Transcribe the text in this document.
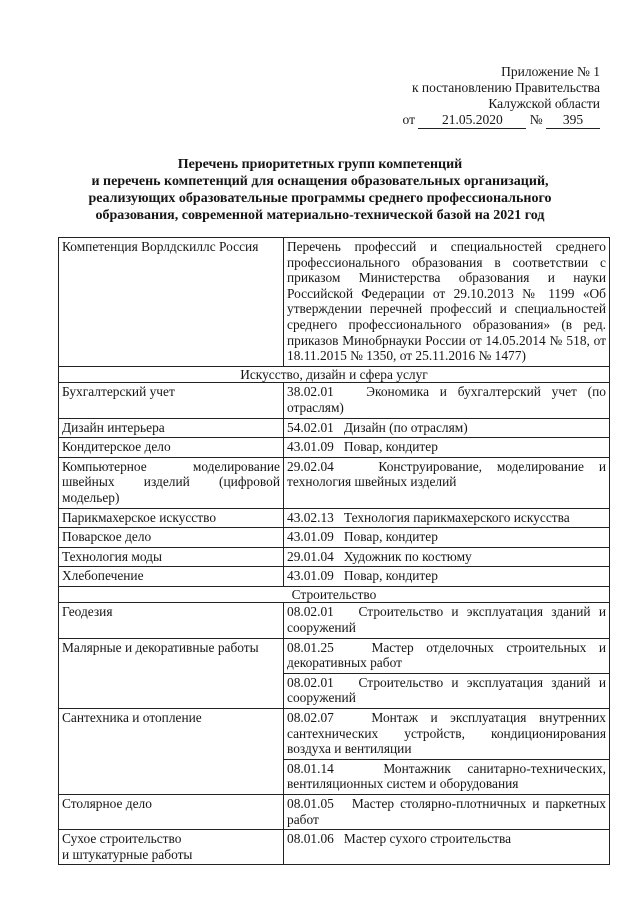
Приложение № 1
к постановлению Правительства
Калужской области
от 21.05.2020 № 395
Перечень приоритетных групп компетенций
и перечень компетенций для оснащения образовательных организаций,
реализующих образовательные программы среднего профессионального
образования, современной материально-технической базой на 2021 год
Компетенция Ворлдскиллс Россия	Перечень профессий и специальностей среднего профессионального образования в соответствии с приказом Министерства образования и науки Российской Федерации от 29.10.2013 № 1199 «Об утверждении перечней профессий и специальностей среднего профессионального образования» (в ред. приказов Минобрнауки России от 14.05.2014 № 518, от 18.11.2015 № 1350, от 25.11.2016 № 1477)
Искусство, дизайн и сфера услуг	
Бухгалтерский учет	38.02.01   Экономика и бухгалтерский учет (по отраслям)
Дизайн интерьера	54.02.01   Дизайн (по отраслям)
Кондитерское дело	43.01.09   Повар, кондитер
Компьютерное моделирование швейных изделий (цифровой модельер)	29.02.04   Конструирование, моделирование и технология швейных изделий
Парикмахерское искусство	43.02.13   Технология парикмахерского искусства
Поварское дело	43.01.09   Повар, кондитер
Технология моды	29.01.04   Художник по костюму
Хлебопечение	43.01.09   Повар, кондитер
Строительство	
Геодезия	08.02.01   Строительство и эксплуатация зданий и сооружений
Малярные и декоративные работы	08.01.25   Мастер отделочных строительных и декоративных работ
	08.02.01   Строительство и эксплуатация зданий и сооружений
Сантехника и отопление	08.02.07   Монтаж и эксплуатация внутренних сантехнических устройств, кондиционирования воздуха и вентиляции
	08.01.14   Монтажник санитарно-технических, вентиляционных систем и оборудования
Столярное дело	08.01.05   Мастер столярно-плотничных и паркетных работ
Сухое строительство
и штукатурные работы	08.01.06   Мастер сухого строительства
